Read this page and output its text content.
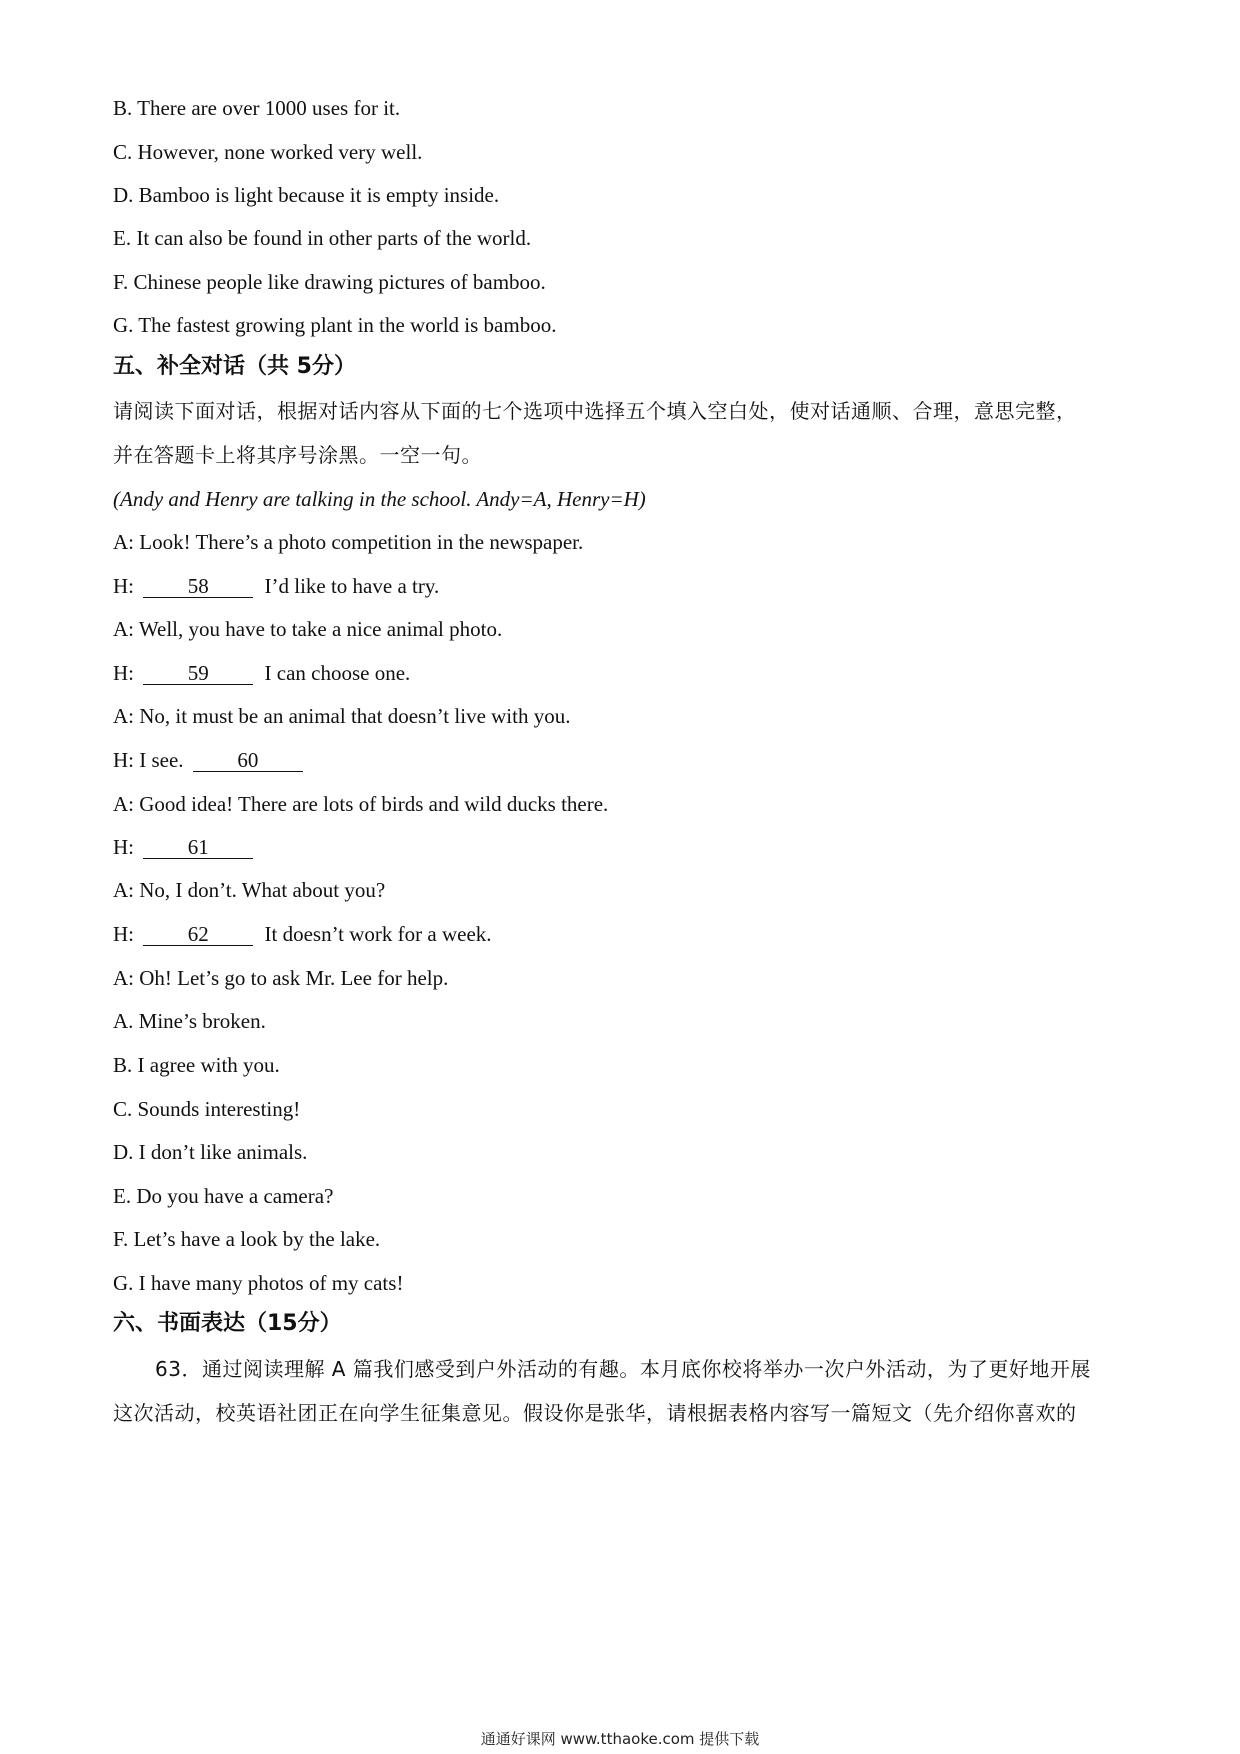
B. There are over 1000 uses for it.
C. However, none worked very well.
D. Bamboo is light because it is empty inside.
E. It can also be found in other parts of the world.
F. Chinese people like drawing pictures of bamboo.
G. The fastest growing plant in the world is bamboo.
五、补全对话（共 5分）
请阅读下面对话，根据对话内容从下面的七个选项中选择五个填入空白处，使对话通顺、合理，意思完整，
并在答题卡上将其序号涂黑。一空一句。
(Andy and Henry are talking in the school. Andy=A, Henry=H)
A: Look! There’s a photo competition in the newspaper.
H:	58	I’d like to have a try.
A: Well, you have to take a nice animal photo.
H:	59	I can choose one.
A: No, it must be an animal that doesn’t live with you.
H: I see.	60
A: Good idea! There are lots of birds and wild ducks there.
H:	61
A: No, I don’t. What about you?
H:	62	It doesn’t work for a week.
A: Oh! Let’s go to ask Mr. Lee for help.
A. Mine’s broken.
B. I agree with you.
C. Sounds interesting!
D. I don’t like animals.
E. Do you have a camera?
F. Let’s have a look by the lake.
G. I have many photos of my cats!
六、书面表达（15分）
63．通过阅读理解 A 篇我们感受到户外活动的有趣。本月底你校将举办一次户外活动，为了更好地开展
这次活动，校英语社团正在向学生征集意见。假设你是张华，请根据表格内容写一篇短文（先介绍你喜欢的
通通好课网 www.tthaoke.com 提供下载
